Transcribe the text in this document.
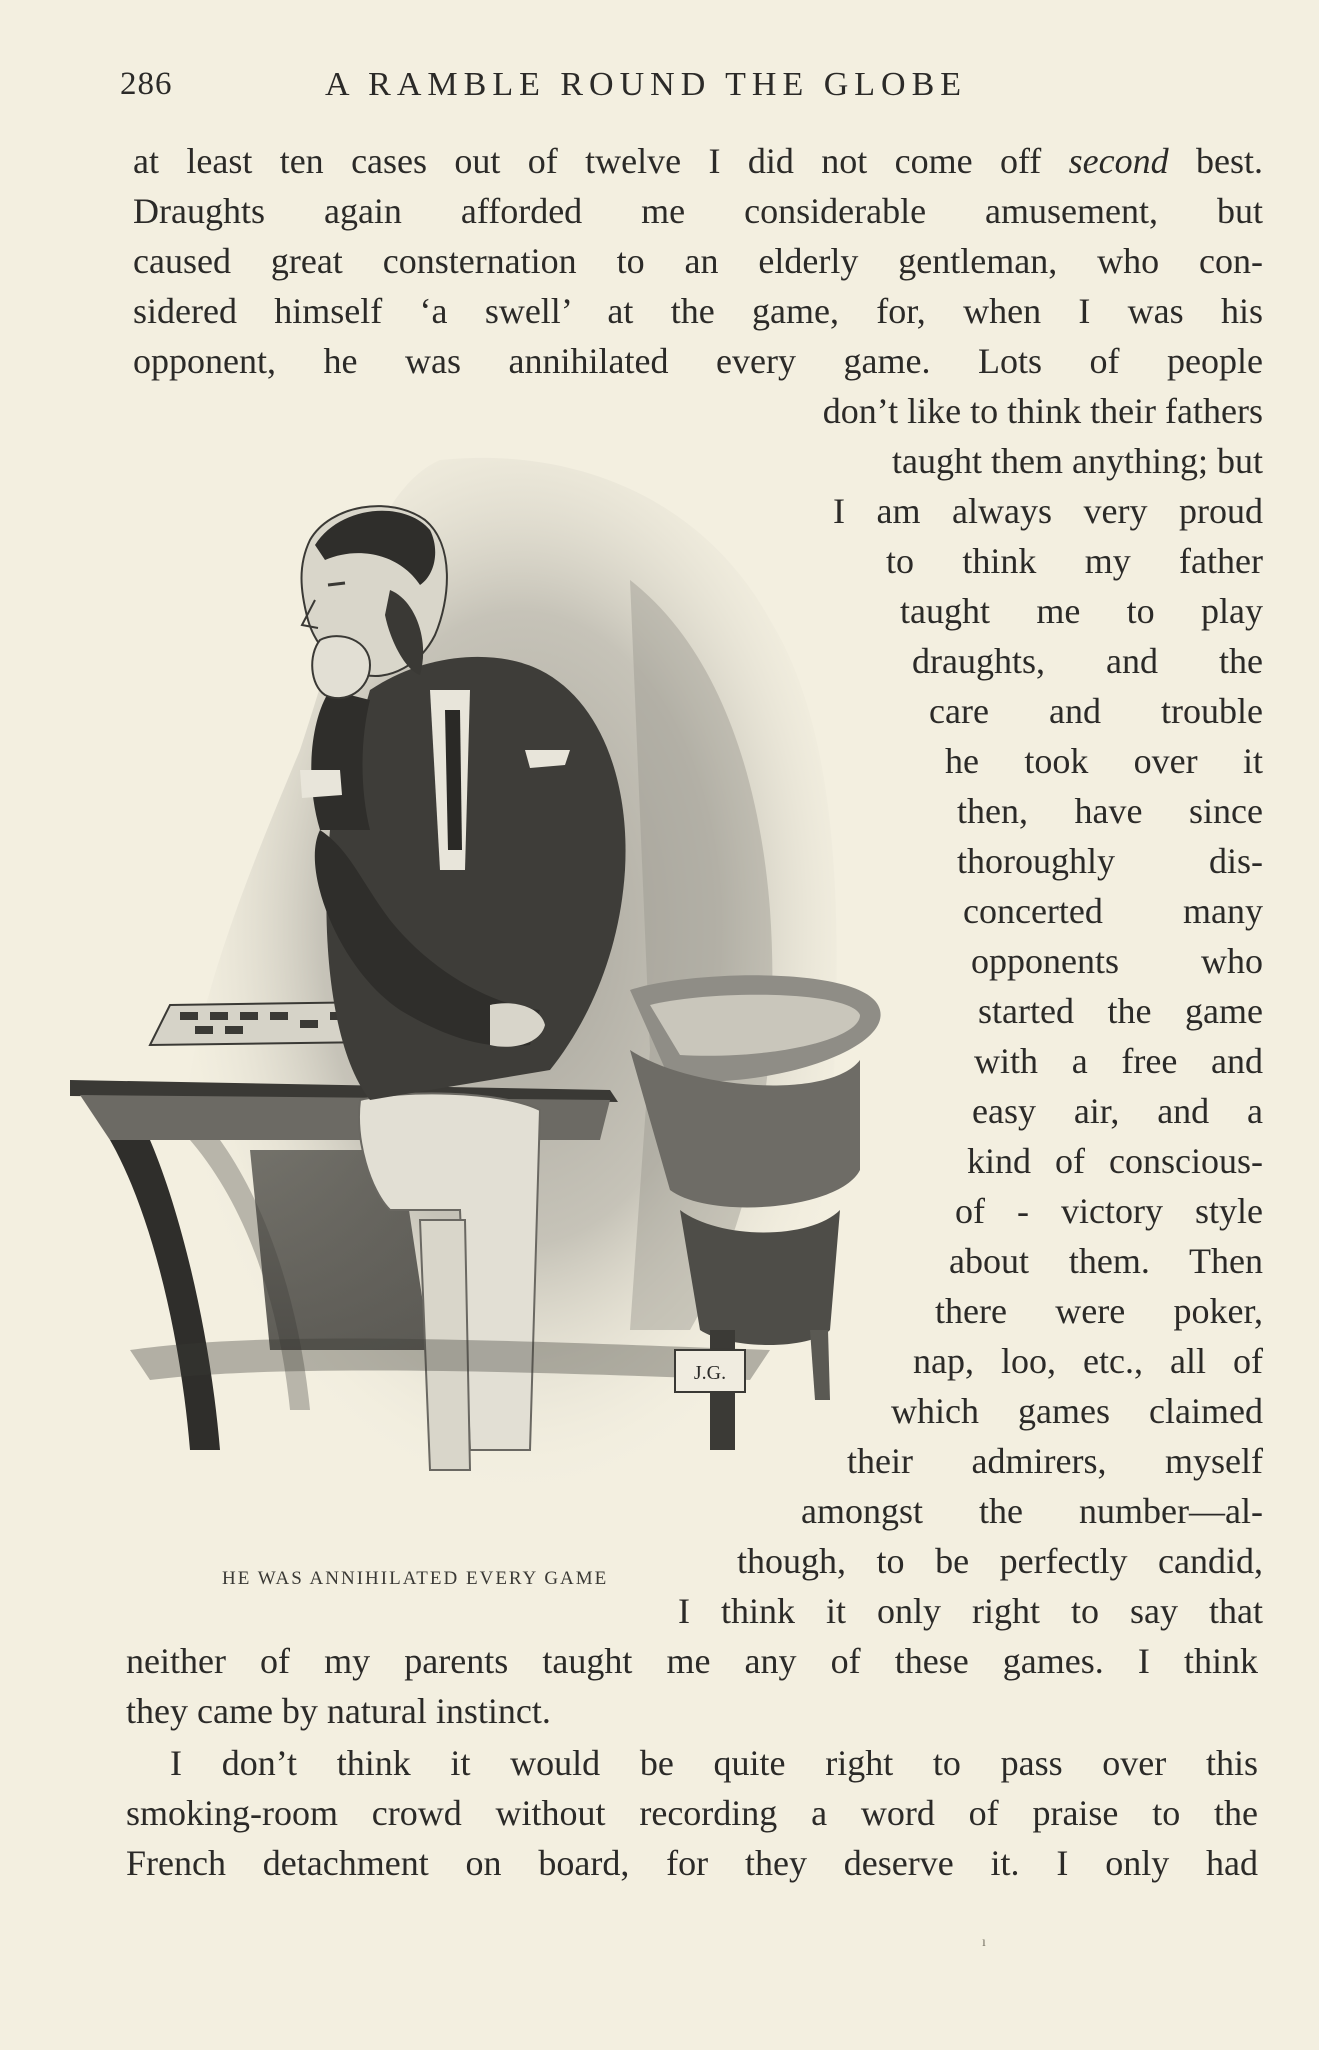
286	A RAMBLE ROUND THE GLOBE
J.G.
HE WAS ANNIHILATED EVERY GAME
at least ten cases out of twelve I did not come off second best.
Draughts again afforded me considerable amusement, but
caused great consternation to an elderly gentleman, who con-
sidered himself ‘a swell’ at the game, for, when I was his
opponent, he was annihilated every game. Lots of people
don’t like to think their fathers
taught them anything; but
I am always very proud
to think my father
taught me to play
draughts, and the
care and trouble
he took over it
then, have since
thoroughly dis-
concerted many
opponents who
started the game
with a free and
easy air, and a
kind of conscious-
of - victory style
about them. Then
there were poker,
nap, loo, etc., all of
which games claimed
their admirers, myself
amongst the number—al-
though, to be perfectly candid,
I think it only right to say that
neither of my parents taught me any of these games. I think
they came by natural instinct.
I don’t think it would be quite right to pass over this
smoking-room crowd without recording a word of praise to the
French detachment on board, for they deserve it. I only had
ı
